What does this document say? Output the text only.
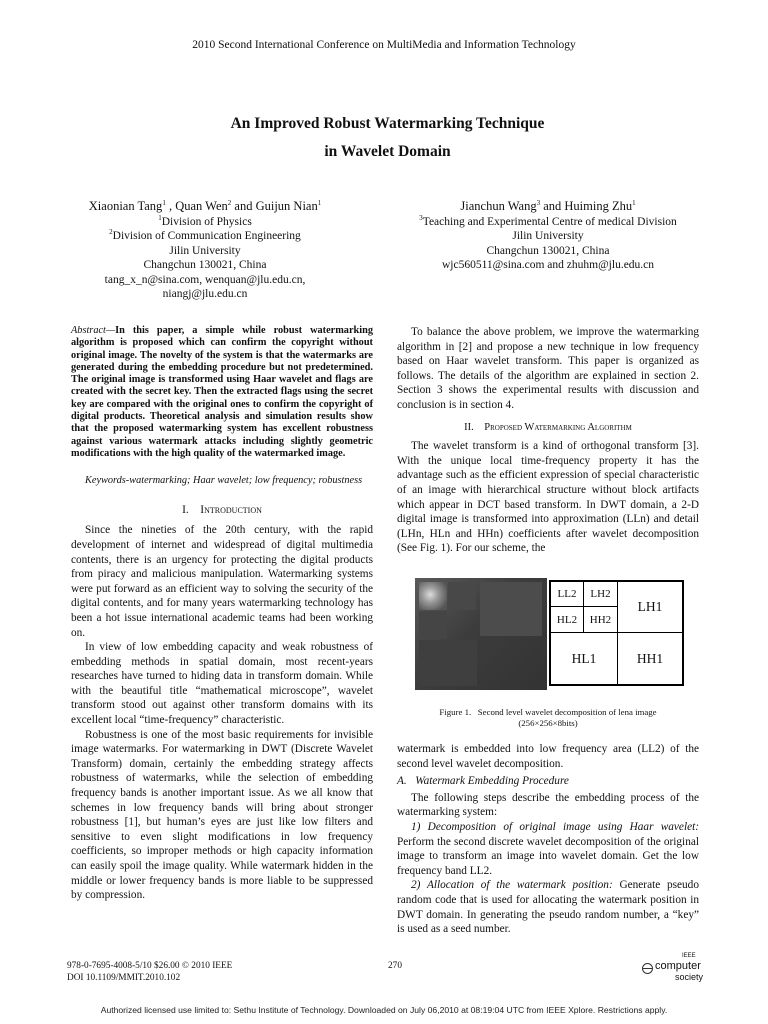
2010 Second International Conference on MultiMedia and Information Technology
An Improved Robust Watermarking Technique
in Wavelet Domain
Xiaonian Tang$^1$ , Quan Wen$^2$ and Guijun Nian$^1$
$^1$Division of Physics
$^2$Division of Communication Engineering
Jilin University
Changchun 130021, China
tang_x_n@sina.com, wenquan@jlu.edu.cn,
niangj@jlu.edu.cn
Jianchun Wang$^3$ and Huiming Zhu$^1$
$^3$Teaching and Experimental Centre of medical Division
Jilin University
Changchun 130021, China
wjc560511@sina.com and zhuhm@jlu.edu.cn

Abstract—In this paper, a simple while robust watermarking algorithm is proposed which can confirm the copyright without original image. The novelty of the system is that the watermarks are generated during the embedding procedure but not predetermined. The original image is transformed using Haar wavelet and flags are created with the secret key. Then the extracted flags using the secret key are compared with the original ones to confirm the copyright of digital products. Theoretical analysis and simulation results show that the proposed watermarking system has excellent robustness against various watermark attacks including slightly geometric modifications with the high quality of the watermarked image.

Keywords-watermarking; Haar wavelet; low frequency; robustness

I.    Introduction

Since the nineties of the 20th century, with the rapid development of internet and widespread of digital multimedia contents, there is an urgency for protecting the digital products from piracy and malicious manipulation. Watermarking systems were put forward as an efficient way to solving the security of the digital contents, and for many years watermarking technology has been a hot issue international academic teams had been working on.

In view of low embedding capacity and weak robustness of embedding methods in spatial domain, most recent-years researches have turned to hiding data in transform domain. While with the beautiful title “mathematical microscope”, wavelet transform stood out against other transform domains with its excellent local “time-frequency” characteristic.

Robustness is one of the most basic requirements for invisible image watermarks. For watermarking in DWT (Discrete Wavelet Transform) domain, certainly the embedding strategy affects robustness of watermarks, while the selection of embedding frequency bands is another important issue. As we all know that schemes in low frequency bands will bring about stronger robustness [1], but human’s eyes are just like low filters and sensitive to even slight modifications in low frequency coefficients, so improper methods or high capacity information can easily spoil the image quality. While watermark hidden in the middle or lower frequency bands is more liable to be suppressed by compression.

To balance the above problem, we improve the watermarking algorithm in [2] and propose a new technique in low frequency based on Haar wavelet transform. This paper is organized as follows. The details of the algorithm are explained in section 2. Section 3 shows the experimental results with discussion and conclusion is in section 4.

II.    Proposed Watermarking Algorithm

The wavelet transform is a kind of orthogonal transform [3]. With the unique local time-frequency property it has the advantage such as the efficient expression of special characteristic of an image with hierarchical structure without block artifacts which appear in DCT based transform. In DWT domain, a 2-D digital image is transformed into approximation (LLn) and detail (LHn, HLn and HHn) coefficients after wavelet decomposition (See Fig. 1). For our scheme, the

LL2	LH2
HL2	HH2
LH1
HL1	HH1
Figure 1.   Second level wavelet decomposition of lena image
(256×256×8bits)

watermark is embedded into low frequency area (LL2) of the second level wavelet decomposition.

A.   Watermark Embedding Procedure

The following steps describe the embedding process of the watermarking system:

1) Decomposition of original image using Haar wavelet: Perform the second discrete wavelet decomposition of the original image to transform an image into wavelet domain. Get the low frequency band LL2.

2) Allocation of the watermark position: Generate pseudo random code that is used for allocating the watermark position in DWT domain. In generating the pseudo random number, a “key” is used as a seed number.

978-0-7695-4008-5/10 $26.00 © 2010 IEEE
DOI 10.1109/MMIT.2010.102
270
IEEE
computer
society
Authorized licensed use limited to: Sethu Institute of Technology. Downloaded on July 06,2010 at 08:19:04 UTC from IEEE Xplore. Restrictions apply.
